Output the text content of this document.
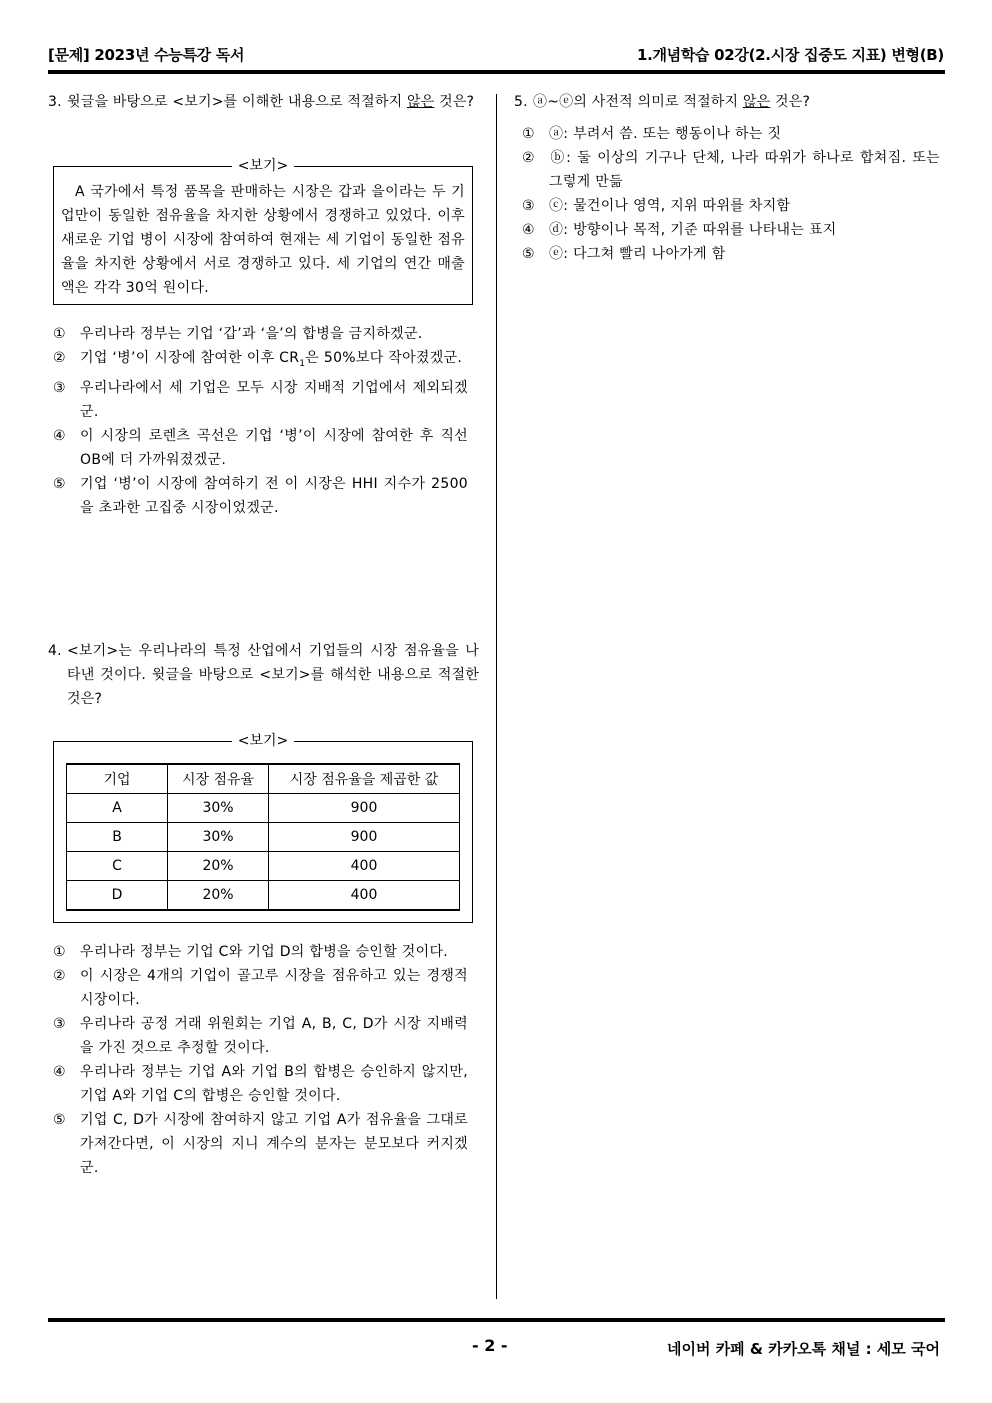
[문제] 2023년 수능특강 독서	1.개념학습 02강(2.시장 집중도 지표) 변형(B)
3. 윗글을 바탕으로 <보기>를 이해한 내용으로 적절하지 않은 것은?
<보기>
A 국가에서 특정 품목을 판매하는 시장은 갑과 을이라는 두 기업만이 동일한 점유율을 차지한 상황에서 경쟁하고 있었다. 이후 새로운 기업 병이 시장에 참여하여 현재는 세 기업이 동일한 점유율을 차지한 상황에서 서로 경쟁하고 있다. 세 기업의 연간 매출액은 각각 30억 원이다.
① 우리나라 정부는 기업 ‘갑’과 ‘을’의 합병을 금지하겠군.
② 기업 ‘병’이 시장에 참여한 이후 $CR_1$은 50%보다 작아졌겠군.
③ 우리나라에서 세 기업은 모두 시장 지배적 기업에서 제외되겠군.
④ 이 시장의 로렌츠 곡선은 기업 ‘병’이 시장에 참여한 후 직선 OB에 더 가까워졌겠군.
⑤ 기업 ‘병’이 시장에 참여하기 전 이 시장은 HHI 지수가 2500을 초과한 고집중 시장이었겠군.
4. <보기>는 우리나라의 특정 산업에서 기업들의 시장 점유율을 나타낸 것이다. 윗글을 바탕으로 <보기>를 해석한 내용으로 적절한 것은?
<보기>
기업	시장 점유율	시장 점유율을 제곱한 값
A	30%	900
B	30%	900
C	20%	400
D	20%	400
① 우리나라 정부는 기업 C와 기업 D의 합병을 승인할 것이다.
② 이 시장은 4개의 기업이 골고루 시장을 점유하고 있는 경쟁적 시장이다.
③ 우리나라 공정 거래 위원회는 기업 A, B, C, D가 시장 지배력을 가진 것으로 추정할 것이다.
④ 우리나라 정부는 기업 A와 기업 B의 합병은 승인하지 않지만, 기업 A와 기업 C의 합병은 승인할 것이다.
⑤ 기업 C, D가 시장에 참여하지 않고 기업 A가 점유율을 그대로 가져간다면, 이 시장의 지니 계수의 분자는 분모보다 커지겠군.
5. ⓐ~ⓔ의 사전적 의미로 적절하지 않은 것은?
① ⓐ: 부려서 씀. 또는 행동이나 하는 짓
② ⓑ: 둘 이상의 기구나 단체, 나라 따위가 하나로 합쳐짐. 또는 그렇게 만듦
③ ⓒ: 물건이나 영역, 지위 따위를 차지함
④ ⓓ: 방향이나 목적, 기준 따위를 나타내는 표지
⑤ ⓔ: 다그쳐 빨리 나아가게 함
- 2 -	네이버 카페 & 카카오톡 채널 : 세모 국어
